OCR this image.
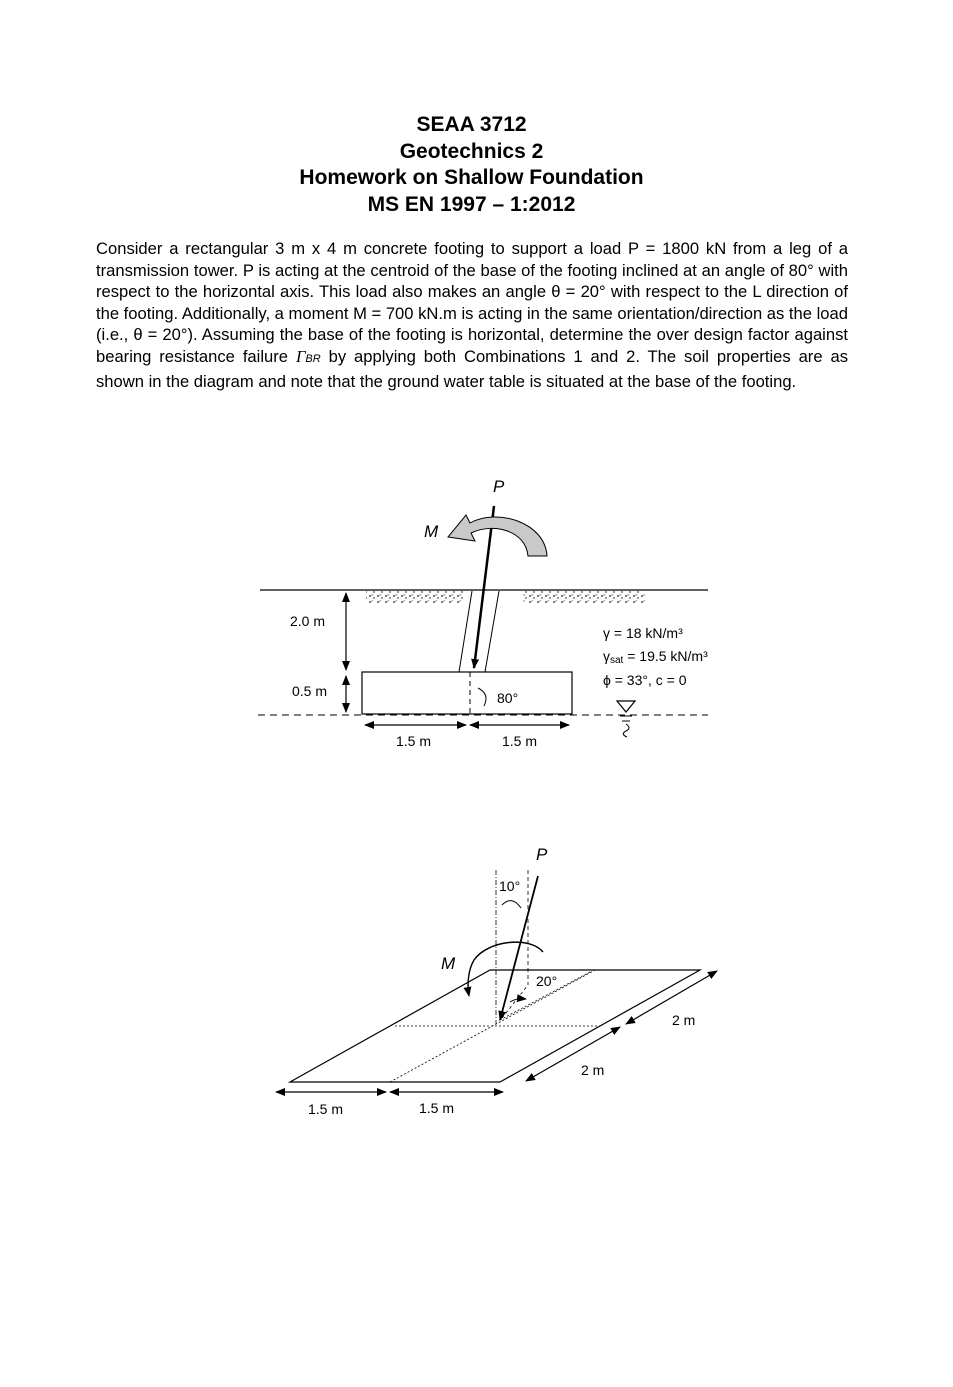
SEAA 3712
Geotechnics 2
Homework on Shallow Foundation
MS EN 1997 – 1:2012

Consider a rectangular 3 m x 4 m concrete footing to support a load P = 1800 kN from a leg of a transmission tower. P is acting at the centroid of the base of the footing inclined at an angle of 80° with respect to the horizontal axis. This load also makes an angle θ = 20° with respect to the L direction of the footing. Additionally, a moment M = 700 kN.m is acting in the same orientation/direction as the load (i.e., θ = 20°). Assuming the base of the footing is horizontal, determine the over design factor against bearing resistance failure ΓBR by applying both Combinations 1 and 2. The soil properties are as shown in the diagram and note that the ground water table is situated at the base of the footing.

P
M
80°
2.0 m
0.5 m
1.5 m	1.5 m
γ = 18 kN/m³
γsat = 19.5 kN/m³
ϕ = 33°, c = 0
P
10°
20°
M
2 m
2 m
1.5 m	1.5 m
